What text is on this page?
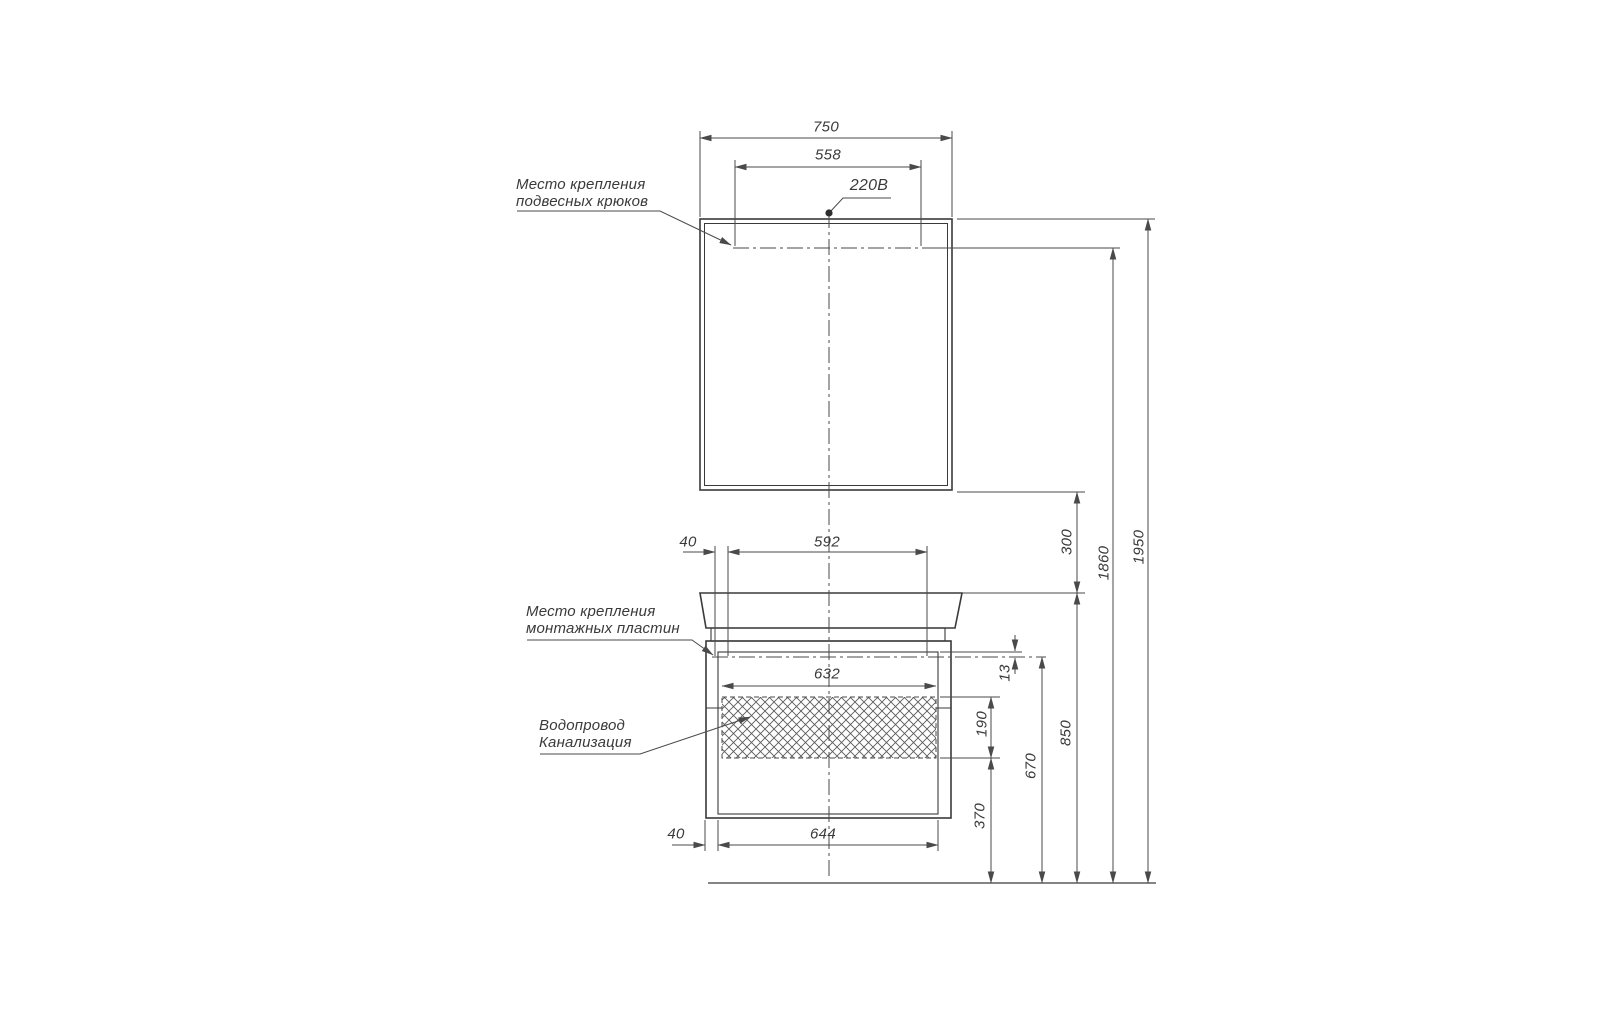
750
558
40	592
632
40	644
300
850
670
190
370
13
1860 1950
Место крепления
подвесных крюков
Место крепления
монтажных пластин
Водопровод
Канализация
220В
